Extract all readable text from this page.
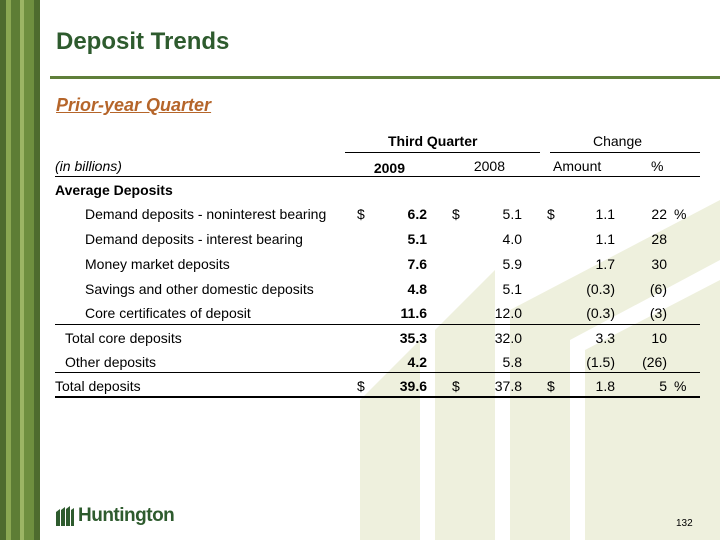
Deposit Trends
Prior-year Quarter
Third Quarter	Change
(in billions)	2009	2008	Amount	%
Average Deposits
Demand deposits - noninterest bearing $	6.2 $	5.1 $	1.1	22 %
Demand deposits - interest bearing	5.1	4.0	1.1	28
Money market deposits	7.6	5.9	1.7	30
Savings and other domestic deposits	4.8	5.1	(0.3)	(6)
Core certificates of deposit	11.6	12.0	(0.3)	(3)
Total core deposits	35.3	32.0	3.3	10
Other deposits	4.2	5.8	(1.5)	(26)
Total deposits	$	39.6 $	37.8 $	1.8	5 %
Huntington	132
